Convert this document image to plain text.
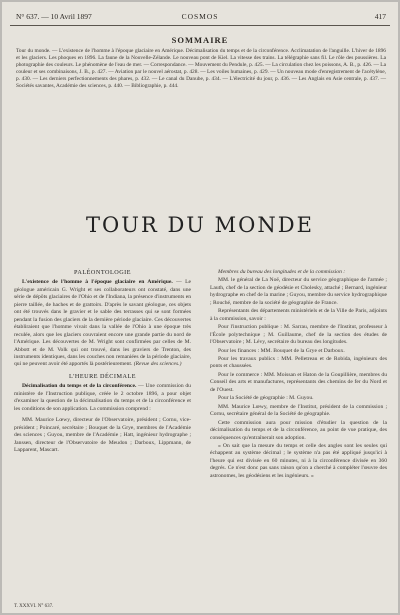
N° 637. — 10 Avril 1897	COSMOS	417
SOMMAIRE
Tour du monde. — L'existence de l'homme à l'époque glaciaire en Amérique. Décimalisation du temps et de la circonférence. Acclimatation de l'anguille. L'hiver de 1896 et les glaciers. Les phoques en 1896. La faune de la Nouvelle-Zélande. Le nouveau pont de Kiel. La vitesse des trains. La télégraphie sans fil. Le rôle des poussières. La photographie des couleurs. Le phénomène de l'eau de mer. — Correspondance. — Mouvement du Pendule, p. 425. — La circulation chez les poissons, A. B., p. 426. — La couleur et ses combinaisons, J. B., p. 427. — Aviation par le nouvel aérostat, p. 428. — Les voiles humaines, p. 429. — Un nouveau mode d'enregistrement de l'acétylène, p. 430. — Les derniers perfectionnements des phares, p. 432. — Le canal du Danube, p. 434. — L'électricité du jour, p. 436. — Les Anglais en Asie centrale, p. 437. — Sociétés savantes, Académie des sciences, p. 440. — Bibliographie, p. 444.
TOUR DU MONDE
PALÉONTOLOGIE
L'existence de l'homme à l'époque glaciaire en Amérique. — Le géologue américain G. Wright et ses collaborateurs ont constaté, dans une série de dépôts glaciaires de l'Ohio et de l'Indiana, la présence d'instruments en pierre taillée, de haches et de grattoirs. D'après le savant géologue, ces objets ont été trouvés dans le gravier et le sable des terrasses qui se sont formées pendant la fusion des glaciers de la dernière période glaciaire. Ces découvertes établiraient que l'homme vivait dans la vallée de l'Ohio à une époque très reculée, alors que les glaciers couvraient encore une grande partie du nord de l'Amérique. Les découvertes de M. Wright sont confirmées par celles de M. Abbott et de M. Volk qui ont trouvé, dans les graviers de Trenton, des instruments identiques, dans les couches non remaniées de la période glaciaire, qui ne peuvent avoir été apportés là postérieurement. (Revue des sciences.)
L'HEURE DÉCIMALE
Décimalisation du temps et de la circonférence. — Une commission du ministère de l'Instruction publique, créée le 2 octobre 1896, a pour objet d'examiner la question de la décimalisation du temps et de la circonférence et les conditions de son application. La commission comprend :
MM. Maurice Lœwy, directeur de l'Observatoire, président ; Cornu, vice-président ; Poincaré, secrétaire ; Bouquet de la Grye, membres de l'Académie des sciences ; Guyou, membre de l'Académie ; Hatt, ingénieur hydrographe ; Janssen, directeur de l'Observatoire de Meudon ; Darboux, Lippmann, de Lapparent, Mascart.
Membres du bureau des longitudes et de la commission :
MM. le général de La Noë, directeur du service géographique de l'armée ; Lauth, chef de la section de géodésie et Cholesky, attaché ; Bernard, ingénieur hydrographe en chef de la marine ; Guyou, membre du service hydrographique ; Rouché, membre de la société de géographie de France.
Représentants des départements ministériels et de la Ville de Paris, adjoints à la commission, savoir :
Pour l'instruction publique : M. Sarrau, membre de l'Institut, professeur à l'École polytechnique ; M. Guillaume, chef de la section des études de l'Observatoire ; M. Lévy, secrétaire du bureau des longitudes.
Pour les finances : MM. Bouquet de la Grye et Darboux.
Pour les travaux publics : MM. Pelletreau et de Robida, ingénieurs des ponts et chaussées.
Pour le commerce : MM. Moissan et Haton de la Goupillière, membres du Conseil des arts et manufactures, représentants des chemins de fer du Nord et de l'Ouest.
Pour la Société de géographie : M. Guyou.
MM. Maurice Lœwy, membre de l'Institut, président de la commission ; Cornu, secrétaire général de la Société de géographie.
Cette commission aura pour mission d'étudier la question de la décimalisation du temps et de la circonférence, au point de vue pratique, des conséquences qu'entraînerait son adoption.
« On sait que la mesure du temps et celle des angles sont les seules qui échappent au système décimal ; le système n'a pas été appliqué jusqu'ici à l'heure qui est divisée en 60 minutes, ni à la circonférence divisée en 360 degrés. Ce n'est donc pas sans raison qu'on a cherché à compléter l'œuvre des astronomes, les géodésiens et les ingénieurs. »
T. XXXVI. N° 637.
